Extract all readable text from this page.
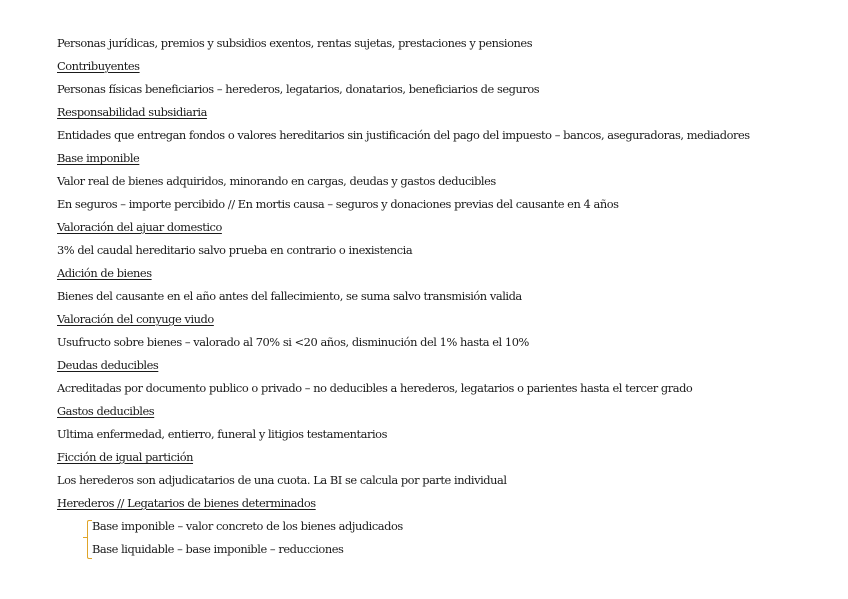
Personas jurídicas, premios y subsidios exentos, rentas sujetas, prestaciones y pensiones
Contribuyentes
Personas físicas beneficiarios – herederos, legatarios, donatarios, beneficiarios de seguros
Responsabilidad subsidiaria
Entidades que entregan fondos o valores hereditarios sin justificación del pago del impuesto – bancos, aseguradoras, mediadores
Base imponible
Valor real de bienes adquiridos, minorando en cargas, deudas y gastos deducibles
En seguros – importe percibido // En mortis causa – seguros y donaciones previas del causante en 4 años
Valoración del ajuar domestico
3% del caudal hereditario salvo prueba en contrario o inexistencia
Adición de bienes
Bienes del causante en el año antes del fallecimiento, se suma salvo transmisión valida
Valoración del conyuge viudo
Usufructo sobre bienes – valorado al 70% si <20 años, disminución del 1% hasta el 10%
Deudas deducibles
Acreditadas por documento publico o privado – no deducibles a herederos, legatarios o parientes hasta el tercer grado
Gastos deducibles
Ultima enfermedad, entierro, funeral y litigios testamentarios
Ficción de igual partición
Los herederos son adjudicatarios de una cuota. La BI se calcula por parte individual
Herederos // Legatarios de bienes determinados
Base imponible – valor concreto de los bienes adjudicados
Base liquidable – base imponible – reducciones
